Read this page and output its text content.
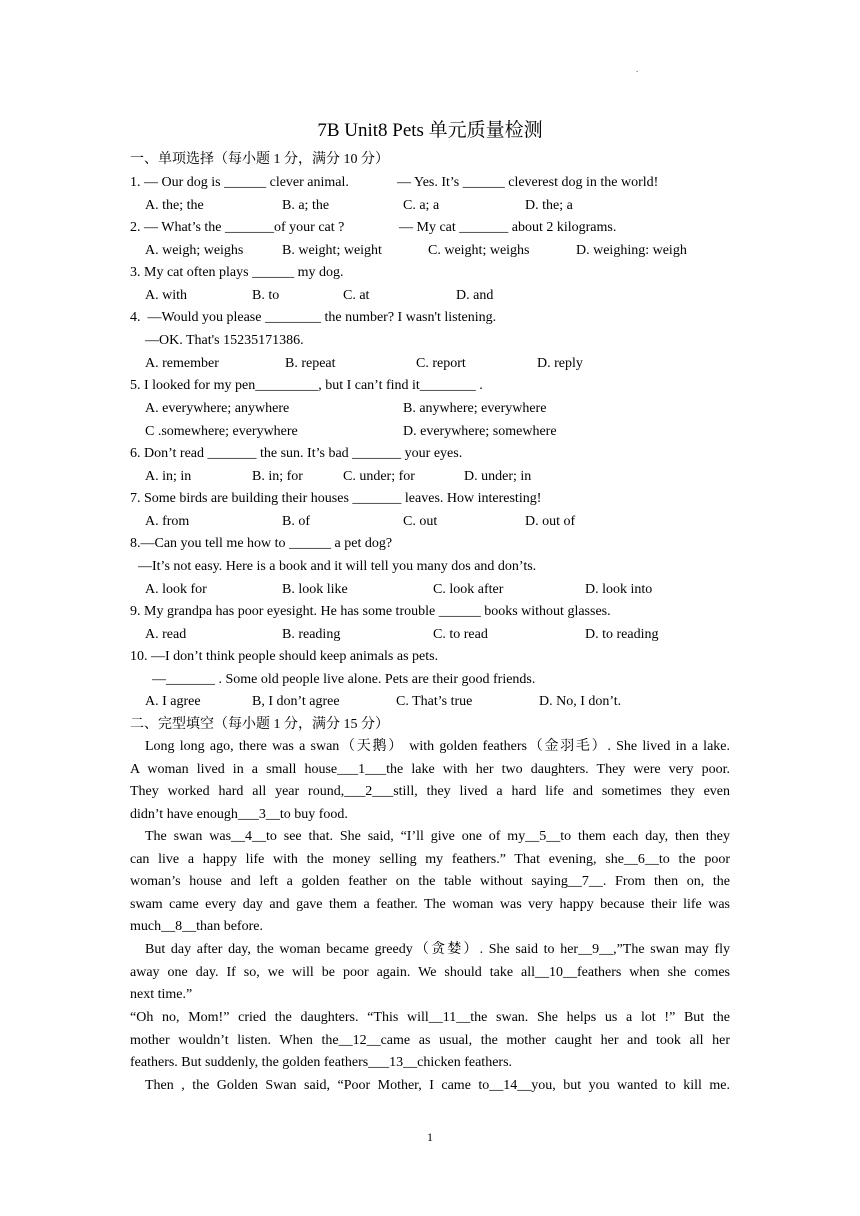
.
7B Unit8 Pets 单元质量检测
一、单项选择（每小题 1 分，满分 10 分）
1. — Our dog is ______ clever animal.	— Yes. It’s ______ cleverest dog in the world!
A. the; the	B. a; the	C. a; a	D. the; a
2. — What’s the _______of your cat ?	— My cat _______ about 2 kilograms.
A. weigh; weighs	B. weight; weight	C. weight; weighs	D. weighing: weigh
3. My cat often plays ______ my dog.
A. with	B. to	C. at	D. and
4.  —Would you please ________ the number? I wasn't listening.
—OK. That's 15235171386.
A. remember	B. repeat	C. report	D. reply
5. I looked for my pen_________, but I can’t find it________ .
A. everywhere; anywhere	B. anywhere; everywhere
C .somewhere; everywhere	D. everywhere; somewhere
6. Don’t read _______ the sun. It’s bad _______ your eyes.
A. in; in	B. in; for	C. under; for	D. under; in
7. Some birds are building their houses _______ leaves. How interesting!
A. from	B. of	C. out	D. out of
8.—Can you tell me how to ______ a pet dog?
—It’s not easy. Here is a book and it will tell you many dos and don’ts.
A. look for	B. look like	C. look after	D. look into
9. My grandpa has poor eyesight. He has some trouble ______ books without glasses.
A. read	B. reading	C. to read	D. to reading
10. —I don’t think people should keep animals as pets.
—_______ . Some old people live alone. Pets are their good friends.
A. I agree	B, I don’t agree	C. That’s true	D. No, I don’t.
二、完型填空（每小题 1 分，满分 15 分）
Long long ago, there was a swan（天鹅） with golden feathers（金羽毛）. She lived in a lake.
A woman lived in a small house___1___the lake with her two daughters. They were very poor.
They worked hard all year round,___2___still, they lived a hard life and sometimes they even
didn’t have enough___3__to buy food.
The swan was__4__to see that. She said, “I’ll give one of my__5__to them each day, then they
can live a happy life with the money selling my feathers.” That evening, she__6__to the poor
woman’s house and left a golden feather on the table without saying__7__. From then on, the
swam came every day and gave them a feather. The woman was very happy because their life was
much__8__than before.
But day after day, the woman became greedy（贪婪）. She said to her__9__,”The swan may fly
away one day. If so, we will be poor again. We should take all__10__feathers when she comes
next time.”
“Oh no, Mom!” cried the daughters. “This will__11__the swan. She helps us a lot !” But the
mother wouldn’t listen. When the__12__came as usual, the mother caught her and took all her
feathers. But suddenly, the golden feathers___13__chicken feathers.
Then , the Golden Swan said, “Poor Mother, I came to__14__you, but you wanted to kill me.
1
